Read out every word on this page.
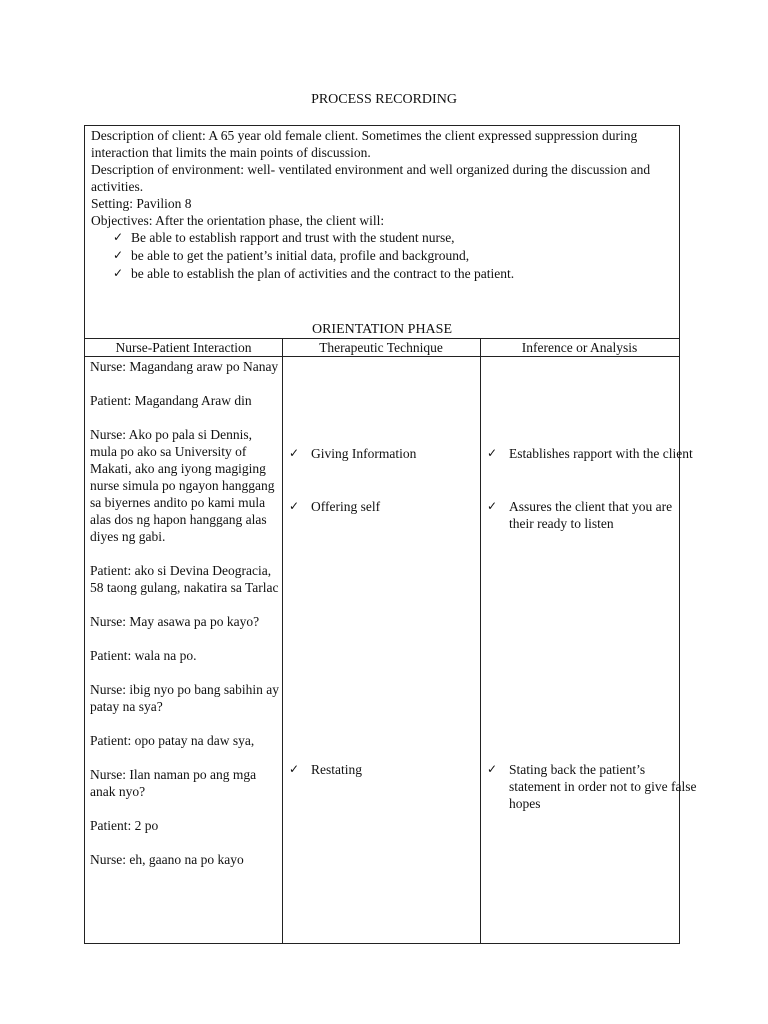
PROCESS RECORDING

Description of client: A 65 year old female client. Sometimes the client expressed suppression during interaction that limits the main points of discussion.

Description of environment: well- ventilated environment and well organized during the discussion and activities.

Setting: Pavilion 8

Objectives: After the orientation phase, the client will:

✓ Be able to establish rapport and trust with the student nurse,
✓ be able to get the patient’s initial data, profile and background,
✓ be able to establish the plan of activities and the contract to the patient.
ORIENTATION PHASE
Nurse-Patient Interaction	Therapeutic Technique	Inference or Analysis

Nurse: Magandang araw po Nanay

Patient: Magandang Araw din

Nurse: Ako po pala si Dennis, mula po ako sa University of Makati, ako ang iyong magiging nurse simula po ngayon hanggang sa biyernes andito po kami mula alas dos ng hapon hanggang alas diyes ng gabi.

Patient: ako si Devina Deogracia, 58 taong gulang, nakatira sa Tarlac

Nurse: May asawa pa po kayo?

Patient: wala na po.

Nurse: ibig nyo po bang sabihin ay patay na sya?

Patient: opo patay na daw sya,

Nurse: Ilan naman po ang mga anak nyo?

Patient: 2 po

Nurse: eh, gaano na po kayo

✓ Giving Information
✓ Offering self
✓ Restating
✓ Establishes rapport with the client
✓ Assures the client that you are their ready to listen
✓ Stating back the patient’s statement in order not to give false hopes
